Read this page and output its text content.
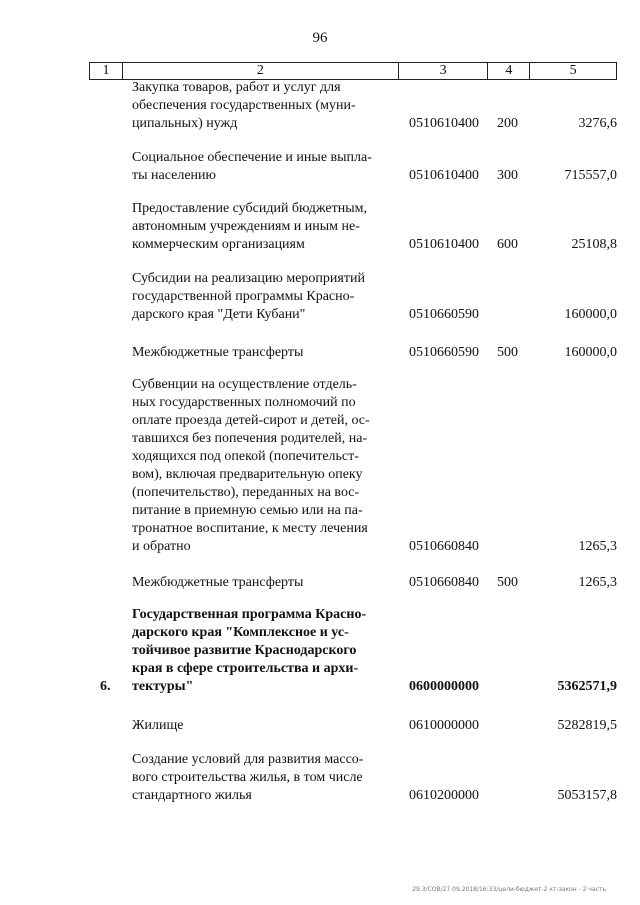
96
1	2	3	4	5
Закупка товаров, работ и услуг для
обеспечения государственных (муни-
ципальных) нужд	0510610400 200	3276,6
Социальное обеспечение и иные выпла-
ты населению	0510610400 300	715557,0
Предоставление субсидий бюджетным,
автономным учреждениям и иным не-
коммерческим организациям	0510610400 600	25108,8
Субсидии на реализацию мероприятий
государственной программы Красно-
дарского края "Дети Кубани"	0510660590	160000,0
Межбюджетные трансферты	0510660590 500	160000,0
Субвенции на осуществление отдель-
ных государственных полномочий по
оплате проезда детей-сирот и детей, ос-
тавшихся без попечения родителей, на-
ходящихся под опекой (попечительст-
вом), включая предварительную опеку
(попечительство), переданных на вос-
питание в приемную семью или на па-
тронатное воспитание, к месту лечения
и обратно	0510660840	1265,3
Межбюджетные трансферты	0510660840 500	1265,3
6.
Государственная программа Красно-
дарского края "Комплексное и ус-
тойчивое развитие Краснодарского
края в сфере строительства и архи-
тектуры"	0600000000	5362571,9
Жилище	0610000000	5282819,5
Создание условий для развития массо-
вого строительства жилья, в том числе
стандартного жилья	0610200000	5053157,8
29.3/СОВ/27.09.2018/16:33/цели-бюджет-2 кт-закон - 2 часть
